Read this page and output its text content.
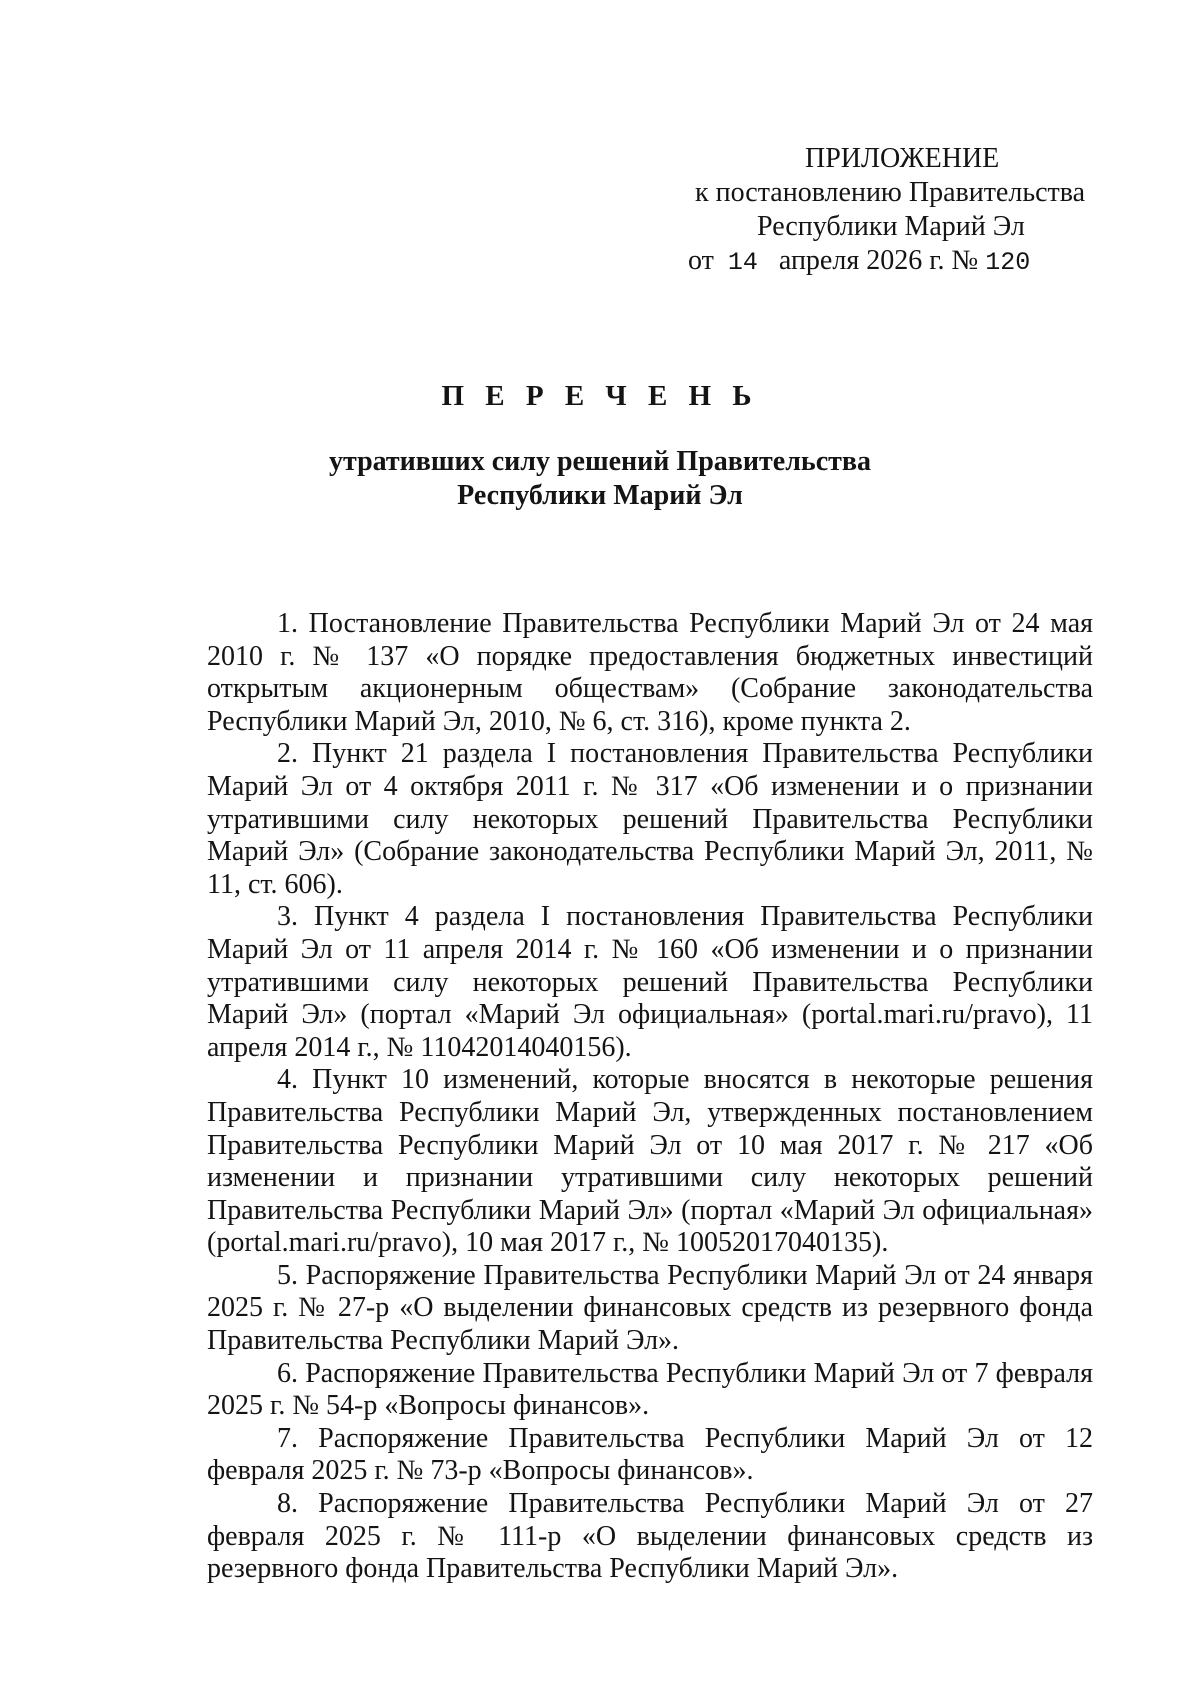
ПРИЛОЖЕНИЕ
к постановлению Правительства
Республики Марий Эл
от 14 апреля 2026 г. № 120
П Е Р Е Ч Е Н Ь
утративших силу решений Правительства
Республики Марий Эл

1. Постановление Правительства Республики Марий Эл от 24 мая 2010 г. № 137 «О порядке предоставления бюджетных инвестиций открытым акционерным обществам» (Собрание законодательства Республики Марий Эл, 2010, № 6, ст. 316), кроме пункта 2.

2. Пункт 21 раздела I постановления Правительства Республики Марий Эл от 4 октября 2011 г. № 317 «Об изменении и о признании утратившими силу некоторых решений Правительства Республики Марий Эл» (Собрание законодательства Республики Марий Эл, 2011, № 11, ст. 606).

3. Пункт 4 раздела I постановления Правительства Республики Марий Эл от 11 апреля 2014 г. № 160 «Об изменении и о признании утратившими силу некоторых решений Правительства Республики Марий Эл» (портал «Марий Эл официальная» (portal.mari.ru/pravo), 11 апреля 2014 г., № 11042014040156).

4. Пункт 10 изменений, которые вносятся в некоторые решения Правительства Республики Марий Эл, утвержденных постановлением Правительства Республики Марий Эл от 10 мая 2017 г. № 217 «Об изменении и признании утратившими силу некоторых решений Правительства Республики Марий Эл» (портал «Марий Эл официальная» (portal.mari.ru/pravo), 10 мая 2017 г., № 10052017040135).

5. Распоряжение Правительства Республики Марий Эл от 24 января 2025 г. № 27-р «О выделении финансовых средств из резервного фонда Правительства Республики Марий Эл».

6. Распоряжение Правительства Республики Марий Эл от 7 февраля 2025 г. № 54-р «Вопросы финансов».

7. Распоряжение Правительства Республики Марий Эл от 12 февраля 2025 г. № 73-р «Вопросы финансов».

8. Распоряжение Правительства Республики Марий Эл от 27 февраля 2025 г. № 111-р «О выделении финансовых средств из резервного фонда Правительства Республики Марий Эл».
